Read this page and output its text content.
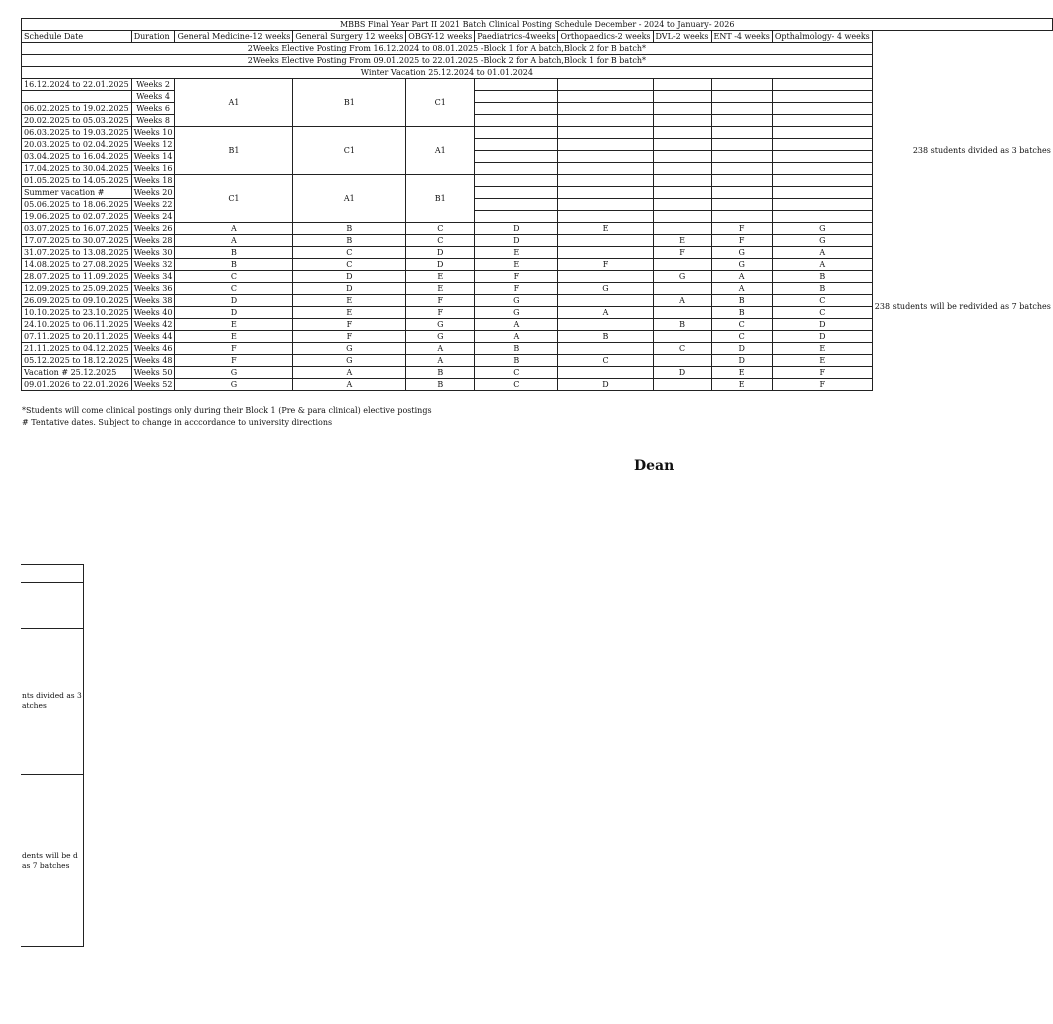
MBBS Final Year Part II 2021 Batch Clinical Posting Schedule December - 2024 to January- 2026										
Schedule Date	Duration	General Medicine-12 weeks	General Surgery 12 weeks	OBGY-12 weeks	Paediatrics-4weeks	Orthopaedics-2 weeks	DVL-2 weeks	ENT -4 weeks	Opthalmology- 4 weeks	
2Weeks Elective Posting From 16.12.2024 to 08.01.2025 -Block 1 for A batch,Block 2 for B batch*										
2Weeks Elective Posting From 09.01.2025 to 22.01.2025 -Block 2 for A batch,Block 1 for B batch*										
Winter Vacation 25.12.2024 to 01.01.2024										
16.12.2024 to 22.01.2025	Weeks 2	A1	B1	C1						238 students divided as 3 batches
	Weeks 4									
06.02.2025 to 19.02.2025	Weeks 6									
20.02.2025 to 05.03.2025	Weeks 8									
06.03.2025 to 19.03.2025	Weeks 10	B1	C1	A1						
20.03.2025 to 02.04.2025	Weeks 12									
03.04.2025 to 16.04.2025	Weeks 14									
17.04.2025 to 30.04.2025	Weeks 16									
01.05.2025 to 14.05.2025	Weeks 18	C1	A1	B1						
Summer vacation #	Weeks 20									
05.06.2025 to 18.06.2025	Weeks 22									
19.06.2025 to 02.07.2025	Weeks 24									
03.07.2025 to 16.07.2025	Weeks 26	A	B	C	D	E		F	G	238 students will be redivided as 7 batches
17.07.2025 to 30.07.2025	Weeks 28	A	B	C	D		E	F	G	
31.07.2025 to 13.08.2025	Weeks 30	B	C	D	E		F	G	A	
14.08.2025 to 27.08.2025	Weeks 32	B	C	D	E	F		G	A	
28.07.2025 to 11.09.2025	Weeks 34	C	D	E	F		G	A	B	
12.09.2025 to 25.09.2025	Weeks 36	C	D	E	F	G		A	B	
26.09.2025 to 09.10.2025	Weeks 38	D	E	F	G		A	B	C	
10.10.2025 to 23.10.2025	Weeks 40	D	E	F	G	A		B	C	
24.10.2025 to 06.11.2025	Weeks 42	E	F	G	A		B	C	D	
07.11.2025 to 20.11.2025	Weeks 44	E	F	G	A	B		C	D	
21.11.2025 to 04.12.2025	Weeks 46	F	G	A	B		C	D	E	
05.12.2025 to 18.12.2025	Weeks 48	F	G	A	B	C		D	E	
Vacation # 25.12.2025	Weeks 50	G	A	B	C		D	E	F	
09.01.2026 to 22.01.2026	Weeks 52	G	A	B	C	D		E	F	
*Students will come clinical postings only during their Block 1 (Pre & para clinical) elective postings
# Tentative dates. Subject to change in acccordance to university directions
Dean
nts divided as 3 atches
dents will be d as 7 batches
